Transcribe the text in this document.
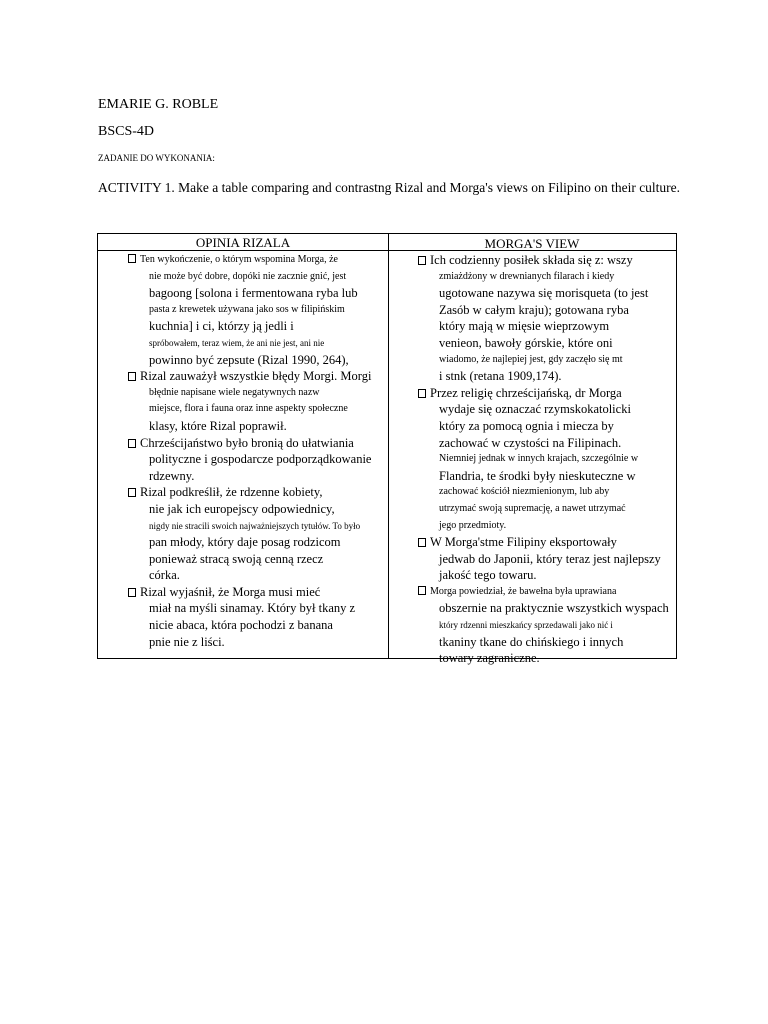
EMARIE G. ROBLE
BSCS-4D
ZADANIE DO WYKONANIA:
ACTIVITY 1. Make a table comparing and contrastng Rizal and Morga's views on Filipino on their culture.
OPINIA RIZALA	MORGA'S VIEW
Ten wykończenie, o którym wspomina Morga, że
nie może być dobre, dopóki nie zacznie gnić, jest
bagoong [solona i fermentowana ryba lub
pasta z krewetek używana jako sos w filipińskim
kuchnia] i ci, którzy ją jedli i
spróbowałem, teraz wiem, że ani nie jest, ani nie
powinno być zepsute (Rizal 1990, 264),
Rizal zauważył wszystkie błędy Morgi. Morgi
błędnie napisane wiele negatywnych nazw
miejsce, flora i fauna oraz inne aspekty społeczne
klasy, które Rizal poprawił.
Chrześcijaństwo było bronią do ułatwiania
polityczne i gospodarcze podporządkowanie
rdzewny.
Rizal podkreślił, że rdzenne kobiety,
nie jak ich europejscy odpowiednicy,
nigdy nie stracili swoich najważniejszych tytułów. To było
pan młody, który daje posag rodzicom
ponieważ stracą swoją cenną rzecz
córka.
Rizal wyjaśnił, że Morga musi mieć
miał na myśli sinamay. Który był tkany z
nicie abaca, która pochodzi z banana
pnie nie z liści.
Ich codzienny posiłek składa się z: wszy
zmiażdżony w drewnianych filarach i kiedy
ugotowane nazywa się morisqueta (to jest
Zasób w całym kraju); gotowana ryba
który mają w mięsie wieprzowym
venieon, bawoły górskie, które oni
wiadomo, że najlepiej jest, gdy zaczęło się mt
i stnk (retana 1909,174).
Przez religię chrześcijańską, dr Morga
wydaje się oznaczać rzymskokatolicki
który za pomocą ognia i miecza by
zachować w czystości na Filipinach.
Niemniej jednak w innych krajach, szczególnie w
Flandria, te środki były nieskuteczne w
zachować kościół niezmienionym, lub aby
utrzymać swoją supremację, a nawet utrzymać
jego przedmioty.
W Morga'stme Filipiny eksportowały
jedwab do Japonii, który teraz jest najlepszy
jakość tego towaru.
Morga powiedział, że bawełna była uprawiana
obszernie na praktycznie wszystkich wyspach
który rdzenni mieszkańcy sprzedawali jako nić i
tkaniny tkane do chińskiego i innych
towary zagraniczne.
